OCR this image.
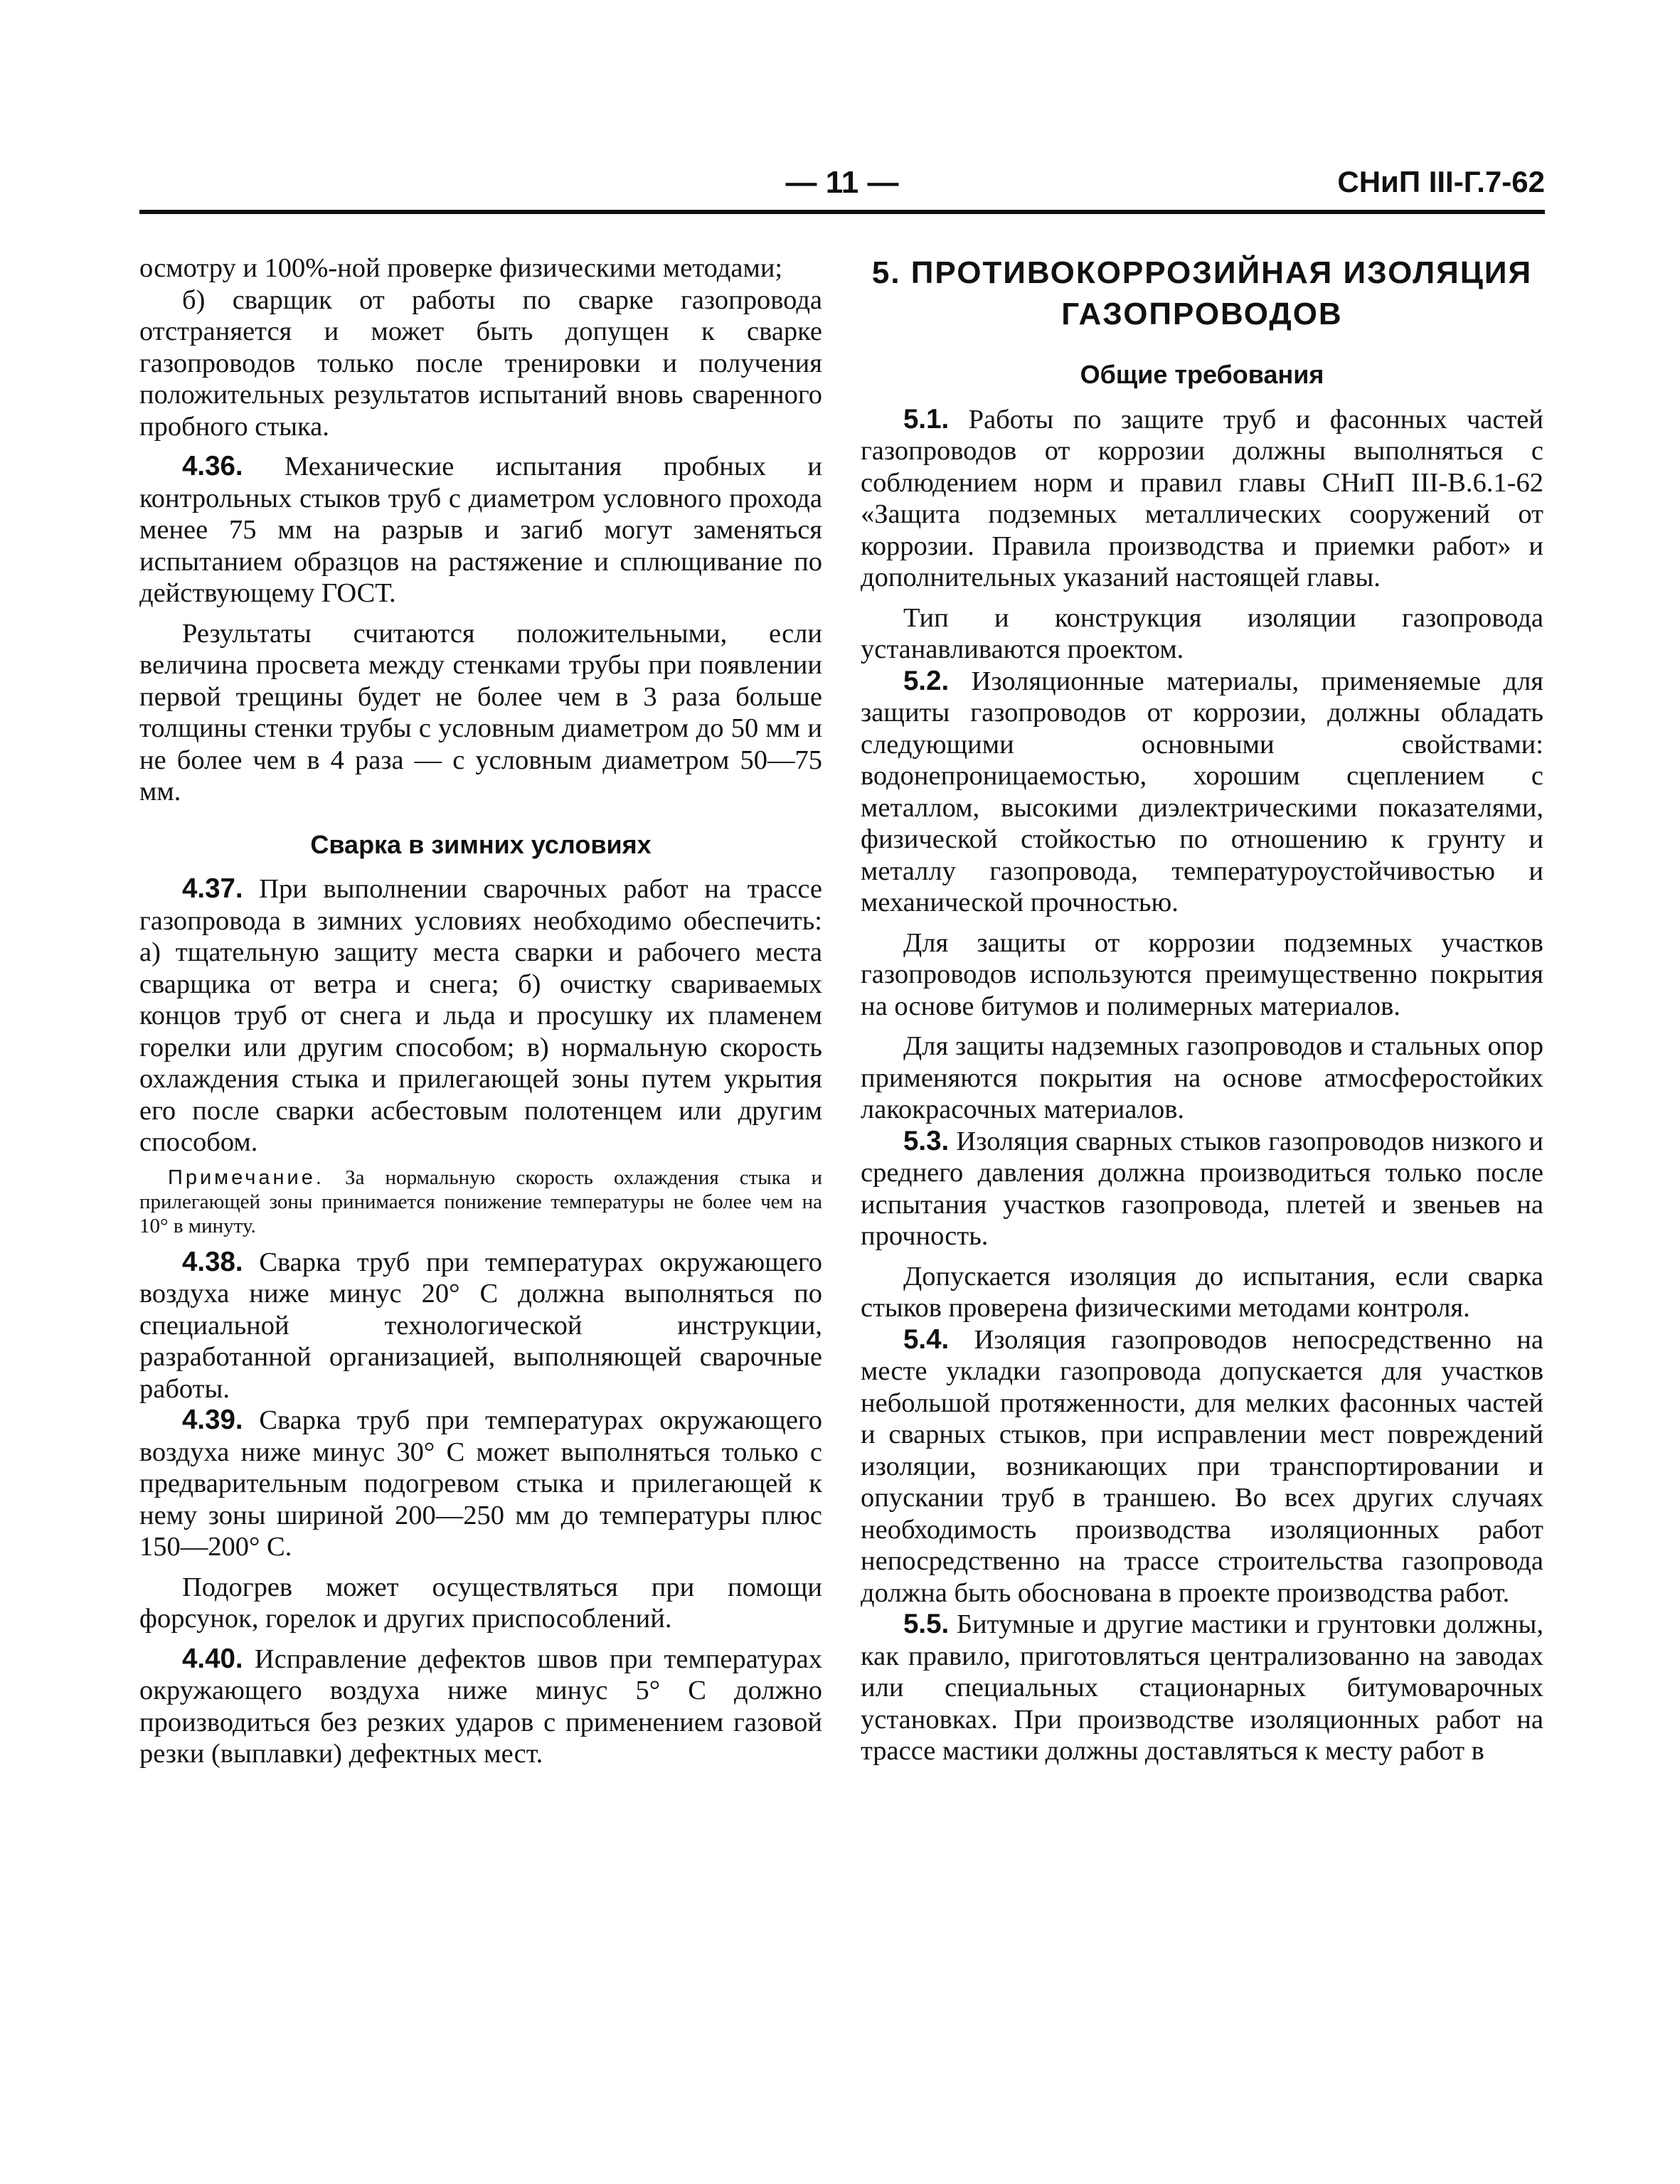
— 11 —	СНиП III-Г.7-62

осмотру и 100%-ной проверке физическими методами;

б) сварщик от работы по сварке газопровода отстраняется и может быть допущен к сварке газопроводов только после тренировки и получения положительных результатов испытаний вновь сваренного пробного стыка.

4.36. Механические испытания пробных и контрольных стыков труб с диаметром условного прохода менее 75 мм на разрыв и загиб могут заменяться испытанием образцов на растяжение и сплющивание по действующему ГОСТ.

Результаты считаются положительными, если величина просвета между стенками трубы при появлении первой трещины будет не более чем в 3 раза больше толщины стенки трубы с условным диаметром до 50 мм и не более чем в 4 раза — с условным диаметром 50—75 мм.

Сварка в зимних условиях

4.37. При выполнении сварочных работ на трассе газопровода в зимних условиях необходимо обеспечить: а) тщательную защиту места сварки и рабочего места сварщика от ветра и снега; б) очистку свариваемых концов труб от снега и льда и просушку их пламенем горелки или другим способом; в) нормальную скорость охлаждения стыка и прилегающей зоны путем укрытия его после сварки асбестовым полотенцем или другим способом.

Примечание. За нормальную скорость охлаждения стыка и прилегающей зоны принимается понижение температуры не более чем на 10° в минуту.

4.38. Сварка труб при температурах окружающего воздуха ниже минус 20° С должна выполняться по специальной технологической инструкции, разработанной организацией, выполняющей сварочные работы.

4.39. Сварка труб при температурах окружающего воздуха ниже минус 30° С может выполняться только с предварительным подогревом стыка и прилегающей к нему зоны шириной 200—250 мм до температуры плюс 150—200° С.

Подогрев может осуществляться при помощи форсунок, горелок и других приспособлений.

4.40. Исправление дефектов швов при температурах окружающего воздуха ниже минус 5° С должно производиться без резких ударов с применением газовой резки (выплавки) дефектных мест.

5. ПРОТИВОКОРРОЗИЙНАЯ ИЗОЛЯЦИЯ ГАЗОПРОВОДОВ
Общие требования

5.1. Работы по защите труб и фасонных частей газопроводов от коррозии должны выполняться с соблюдением норм и правил главы СНиП III-В.6.1-62 «Защита подземных металлических сооружений от коррозии. Правила производства и приемки работ» и дополнительных указаний настоящей главы.

Тип и конструкция изоляции газопровода устанавливаются проектом.

5.2. Изоляционные материалы, применяемые для защиты газопроводов от коррозии, должны обладать следующими основными свойствами: водонепроницаемостью, хорошим сцеплением с металлом, высокими диэлектрическими показателями, физической стойкостью по отношению к грунту и металлу газопровода, температуроустойчивостью и механической прочностью.

Для защиты от коррозии подземных участков газопроводов используются преимущественно покрытия на основе битумов и полимерных материалов.

Для защиты надземных газопроводов и стальных опор применяются покрытия на основе атмосферостойких лакокрасочных материалов.

5.3. Изоляция сварных стыков газопроводов низкого и среднего давления должна производиться только после испытания участков газопровода, плетей и звеньев на прочность.

Допускается изоляция до испытания, если сварка стыков проверена физическими методами контроля.

5.4. Изоляция газопроводов непосредственно на месте укладки газопровода допускается для участков небольшой протяженности, для мелких фасонных частей и сварных стыков, при исправлении мест повреждений изоляции, возникающих при транспортировании и опускании труб в траншею. Во всех других случаях необходимость производства изоляционных работ непосредственно на трассе строительства газопровода должна быть обоснована в проекте производства работ.

5.5. Битумные и другие мастики и грунтовки должны, как правило, приготовляться централизованно на заводах или специальных стационарных битумоварочных установках. При производстве изоляционных работ на трассе мастики должны доставляться к месту работ в
